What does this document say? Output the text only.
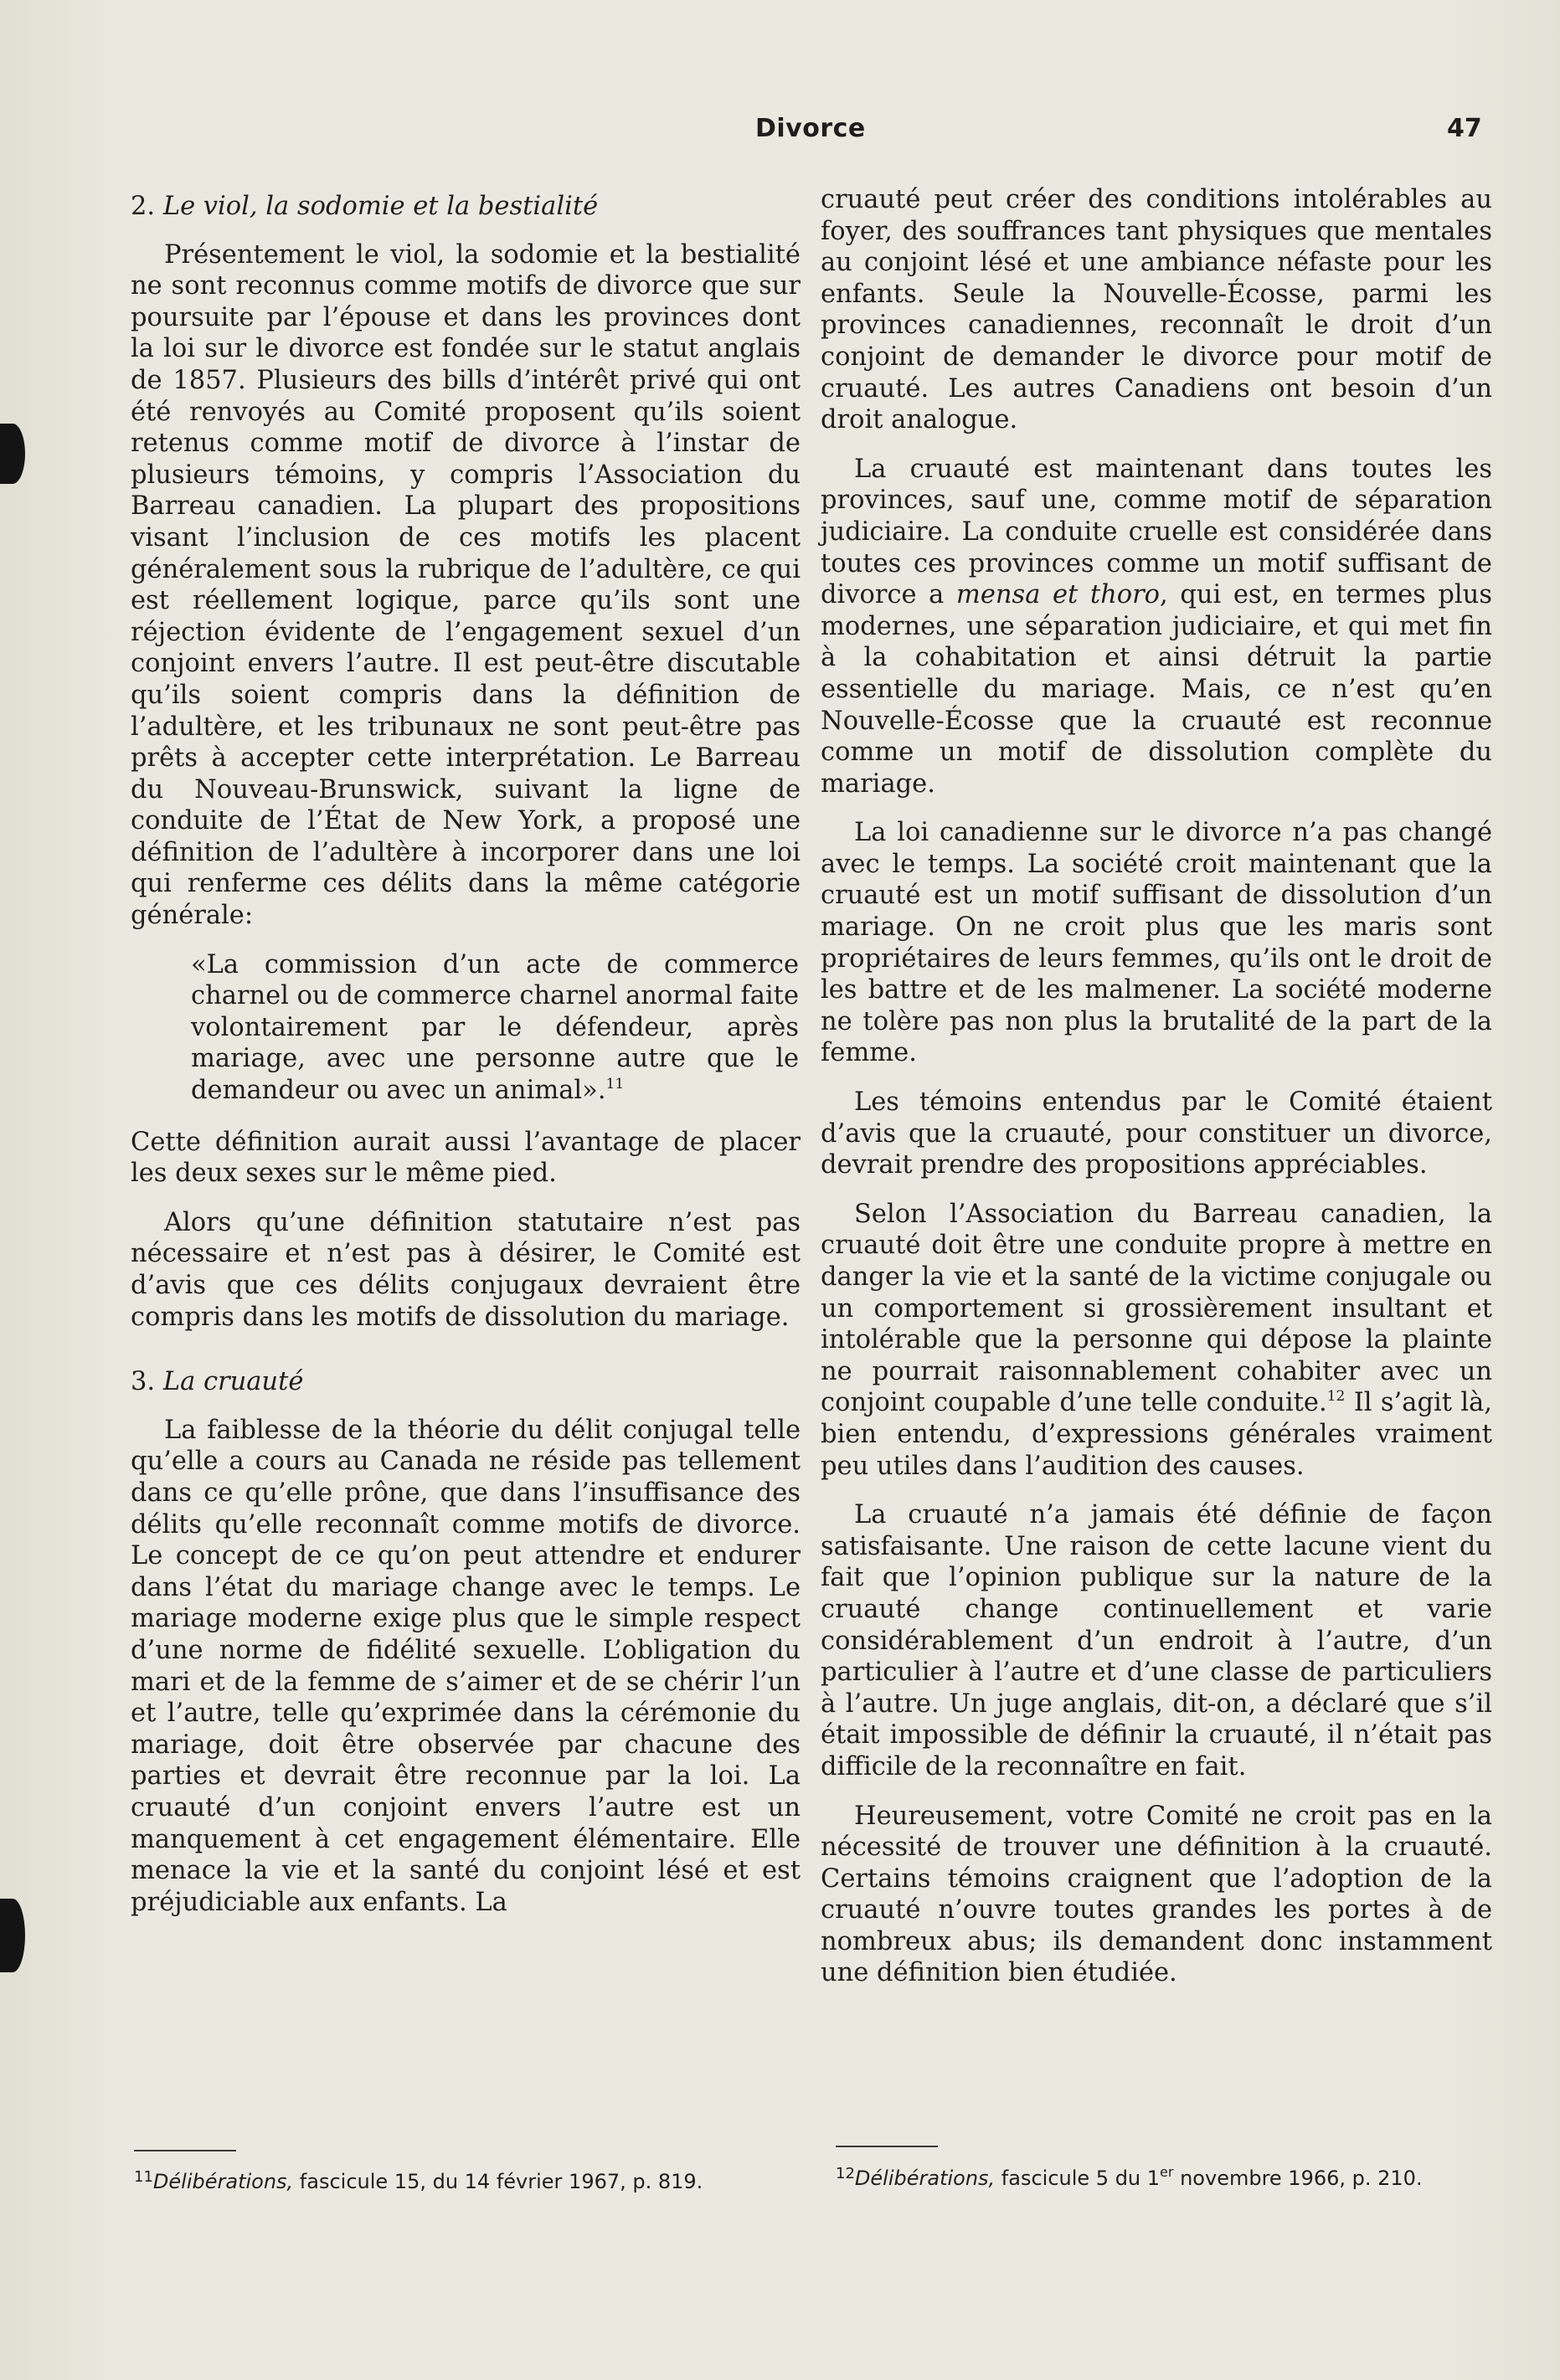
Divorce	47
2. Le viol, la sodomie et la bestialité

Présentement le viol, la sodomie et la bestialité ne sont reconnus comme motifs de divorce que sur poursuite par l’épouse et dans les provinces dont la loi sur le divorce est fondée sur le statut anglais de 1857. Plusieurs des bills d’intérêt privé qui ont été renvoyés au Comité proposent qu’ils soient retenus comme motif de divorce à l’instar de plusieurs témoins, y compris l’Association du Barreau canadien. La plupart des propositions visant l’inclusion de ces motifs les placent généralement sous la rubrique de l’adultère, ce qui est réellement logique, parce qu’ils sont une réjection évidente de l’engagement sexuel d’un conjoint envers l’autre. Il est peut-être discutable qu’ils soient compris dans la définition de l’adultère, et les tribunaux ne sont peut-être pas prêts à accepter cette interprétation. Le Barreau du Nouveau-Brunswick, suivant la ligne de conduite de l’État de New York, a proposé une définition de l’adultère à incorporer dans une loi qui renferme ces délits dans la même catégorie générale:

«La commission d’un acte de commerce charnel ou de commerce charnel anormal faite volontairement par le défendeur, après mariage, avec une personne autre que le demandeur ou avec un animal».$^{11}$

Cette définition aurait aussi l’avantage de placer les deux sexes sur le même pied.

Alors qu’une définition statutaire n’est pas nécessaire et n’est pas à désirer, le Comité est d’avis que ces délits conjugaux devraient être compris dans les motifs de dissolution du mariage.

3. La cruauté

La faiblesse de la théorie du délit conjugal telle qu’elle a cours au Canada ne réside pas tellement dans ce qu’elle prône, que dans l’insuffisance des délits qu’elle reconnaît comme motifs de divorce. Le concept de ce qu’on peut attendre et endurer dans l’état du mariage change avec le temps. Le mariage moderne exige plus que le simple respect d’une norme de fidélité sexuelle. L’obligation du mari et de la femme de s’aimer et de se chérir l’un et l’autre, telle qu’exprimée dans la cérémonie du mariage, doit être observée par chacune des parties et devrait être reconnue par la loi. La cruauté d’un conjoint envers l’autre est un manquement à cet engagement élémentaire. Elle menace la vie et la santé du conjoint lésé et est préjudiciable aux enfants. La

cruauté peut créer des conditions intolérables au foyer, des souffrances tant physiques que mentales au conjoint lésé et une ambiance néfaste pour les enfants. Seule la Nouvelle-Écosse, parmi les provinces canadiennes, reconnaît le droit d’un conjoint de demander le divorce pour motif de cruauté. Les autres Canadiens ont besoin d’un droit analogue.

La cruauté est maintenant dans toutes les provinces, sauf une, comme motif de séparation judiciaire. La conduite cruelle est considérée dans toutes ces provinces comme un motif suffisant de divorce a mensa et thoro, qui est, en termes plus modernes, une séparation judiciaire, et qui met fin à la cohabitation et ainsi détruit la partie essentielle du mariage. Mais, ce n’est qu’en Nouvelle-Écosse que la cruauté est reconnue comme un motif de dissolution complète du mariage.

La loi canadienne sur le divorce n’a pas changé avec le temps. La société croit maintenant que la cruauté est un motif suffisant de dissolution d’un mariage. On ne croit plus que les maris sont propriétaires de leurs femmes, qu’ils ont le droit de les battre et de les malmener. La société moderne ne tolère pas non plus la brutalité de la part de la femme.

Les témoins entendus par le Comité étaient d’avis que la cruauté, pour constituer un divorce, devrait prendre des propositions appréciables.

Selon l’Association du Barreau canadien, la cruauté doit être une conduite propre à mettre en danger la vie et la santé de la victime conjugale ou un comportement si grossièrement insultant et intolérable que la personne qui dépose la plainte ne pourrait raisonnablement cohabiter avec un conjoint coupable d’une telle conduite.$^{12}$ Il s’agit là, bien entendu, d’expressions générales vraiment peu utiles dans l’audition des causes.

La cruauté n’a jamais été définie de façon satisfaisante. Une raison de cette lacune vient du fait que l’opinion publique sur la nature de la cruauté change continuellement et varie considérablement d’un endroit à l’autre, d’un particulier à l’autre et d’une classe de particuliers à l’autre. Un juge anglais, dit-on, a déclaré que s’il était impossible de définir la cruauté, il n’était pas difficile de la reconnaître en fait.

Heureusement, votre Comité ne croit pas en la nécessité de trouver une définition à la cruauté. Certains témoins craignent que l’adoption de la cruauté n’ouvre toutes grandes les portes à de nombreux abus; ils demandent donc instamment une définition bien étudiée.

$^{11}$Délibérations, fascicule 15, du 14 février 1967, p. 819.	$^{12}$Délibérations, fascicule 5 du 1er novembre 1966, p. 210.
